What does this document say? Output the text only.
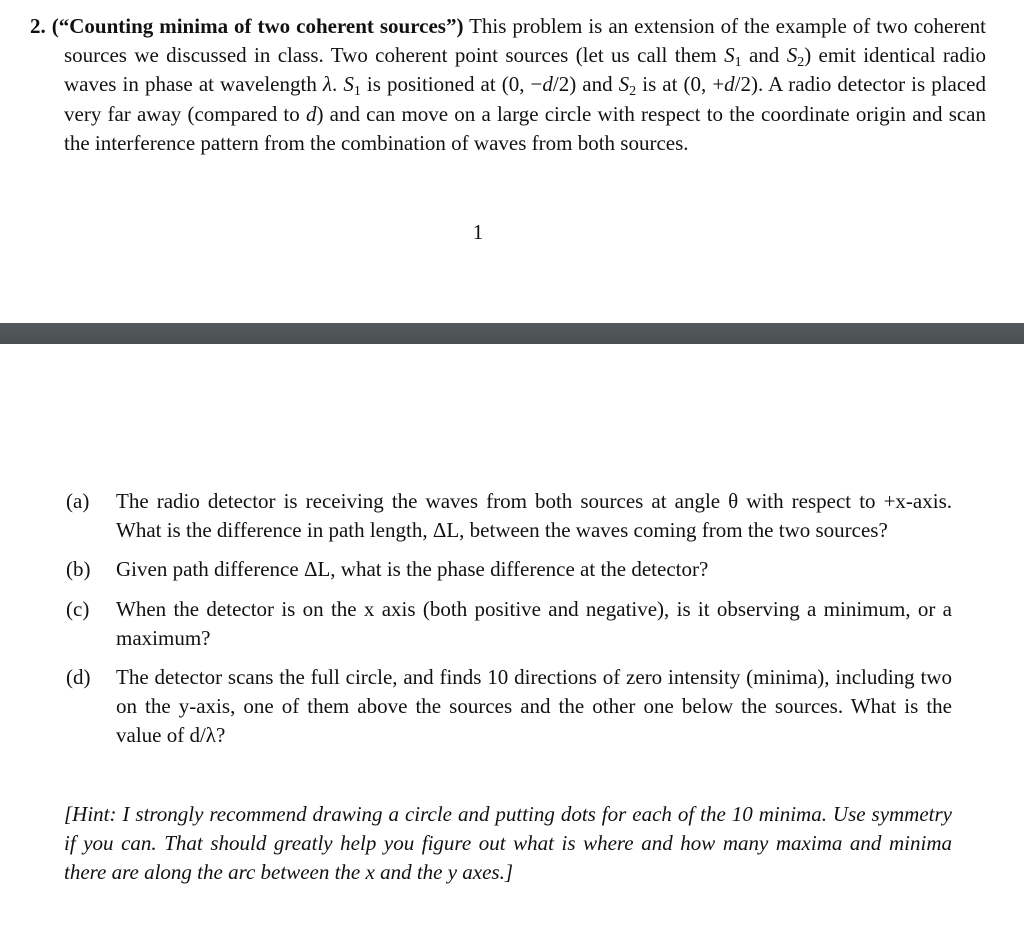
2. (“Counting minima of two coherent sources”) This problem is an extension of the example of two coherent sources we discussed in class. Two coherent point sources (let us call them $S_1$ and $S_2$) emit identical radio waves in phase at wavelength λ. $S_1$ is positioned at (0, −d/2) and $S_2$ is at (0, +d/2). A radio detector is placed very far away (compared to d) and can move on a large circle with respect to the coordinate origin and scan the interference pattern from the combination of waves from both sources.
1
(a)	The radio detector is receiving the waves from both sources at angle θ with respect to +x-axis. What is the difference in path length, ΔL, between the waves coming from the two sources?
(b)	Given path difference ΔL, what is the phase difference at the detector?
(c)	When the detector is on the x axis (both positive and negative), is it observing a minimum, or a maximum?
(d)	The detector scans the full circle, and finds 10 directions of zero intensity (minima), including two on the y-axis, one of them above the sources and the other one below the sources. What is the value of d/λ?
[Hint: I strongly recommend drawing a circle and putting dots for each of the 10 minima. Use symmetry if you can. That should greatly help you figure out what is where and how many maxima and minima there are along the arc between the x and the y axes.]
